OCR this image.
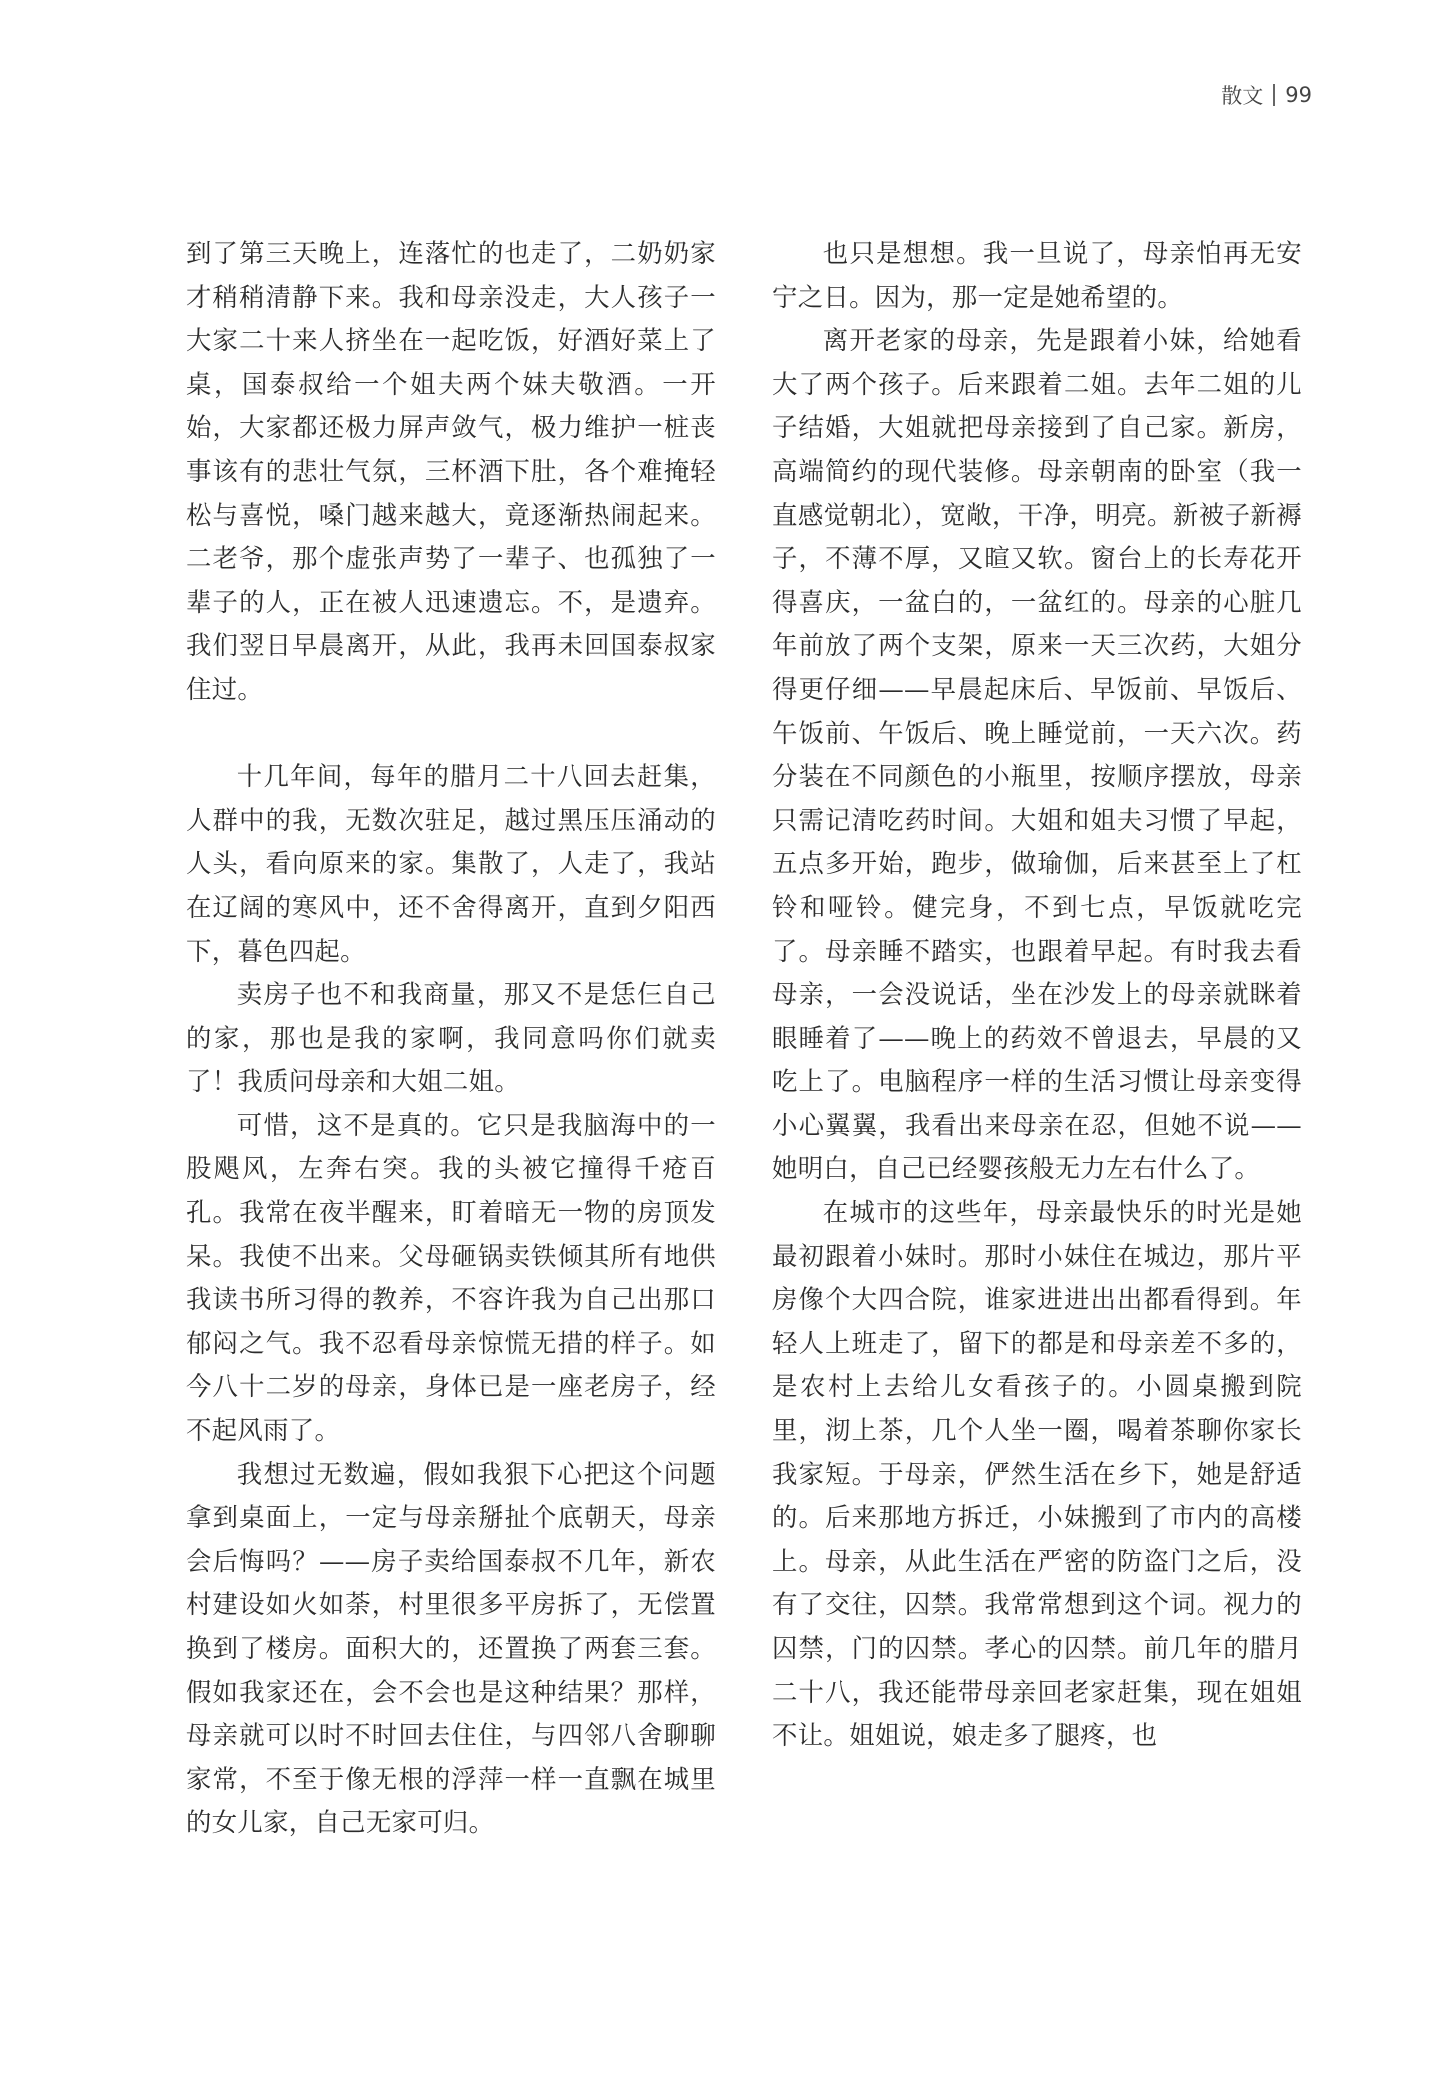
散文 99

到了第三天晚上，连落忙的也走了，二奶奶家才稍稍清静下来。我和母亲没走，大人孩子一大家二十来人挤坐在一起吃饭，好酒好菜上了桌，国泰叔给一个姐夫两个妹夫敬酒。一开始，大家都还极力屏声敛气，极力维护一桩丧事该有的悲壮气氛，三杯酒下肚，各个难掩轻松与喜悦，嗓门越来越大，竟逐渐热闹起来。二老爷，那个虚张声势了一辈子、也孤独了一辈子的人，正在被人迅速遗忘。不，是遗弃。我们翌日早晨离开，从此，我再未回国泰叔家住过。

十几年间，每年的腊月二十八回去赶集，人群中的我，无数次驻足，越过黑压压涌动的人头，看向原来的家。集散了，人走了，我站在辽阔的寒风中，还不舍得离开，直到夕阳西下，暮色四起。

卖房子也不和我商量，那又不是恁仨自己的家，那也是我的家啊，我同意吗你们就卖了！我质问母亲和大姐二姐。

可惜，这不是真的。它只是我脑海中的一股飓风，左奔右突。我的头被它撞得千疮百孔。我常在夜半醒来，盯着暗无一物的房顶发呆。我使不出来。父母砸锅卖铁倾其所有地供我读书所习得的教养，不容许我为自己出那口郁闷之气。我不忍看母亲惊慌无措的样子。如今八十二岁的母亲，身体已是一座老房子，经不起风雨了。

我想过无数遍，假如我狠下心把这个问题拿到桌面上，一定与母亲掰扯个底朝天，母亲会后悔吗？——房子卖给国泰叔不几年，新农村建设如火如荼，村里很多平房拆了，无偿置换到了楼房。面积大的，还置换了两套三套。假如我家还在，会不会也是这种结果？那样，母亲就可以时不时回去住住，与四邻八舍聊聊家常，不至于像无根的浮萍一样一直飘在城里的女儿家，自己无家可归。

也只是想想。我一旦说了，母亲怕再无安宁之日。因为，那一定是她希望的。

离开老家的母亲，先是跟着小妹，给她看大了两个孩子。后来跟着二姐。去年二姐的儿子结婚，大姐就把母亲接到了自己家。新房，高端简约的现代装修。母亲朝南的卧室（我一直感觉朝北），宽敞，干净，明亮。新被子新褥子，不薄不厚，又暄又软。窗台上的长寿花开得喜庆，一盆白的，一盆红的。母亲的心脏几年前放了两个支架，原来一天三次药，大姐分得更仔细——早晨起床后、早饭前、早饭后、午饭前、午饭后、晚上睡觉前，一天六次。药分装在不同颜色的小瓶里，按顺序摆放，母亲只需记清吃药时间。大姐和姐夫习惯了早起，五点多开始，跑步，做瑜伽，后来甚至上了杠铃和哑铃。健完身，不到七点，早饭就吃完了。母亲睡不踏实，也跟着早起。有时我去看母亲，一会没说话，坐在沙发上的母亲就眯着眼睡着了——晚上的药效不曾退去，早晨的又吃上了。电脑程序一样的生活习惯让母亲变得小心翼翼，我看出来母亲在忍，但她不说——她明白，自己已经婴孩般无力左右什么了。

在城市的这些年，母亲最快乐的时光是她最初跟着小妹时。那时小妹住在城边，那片平房像个大四合院，谁家进进出出都看得到。年轻人上班走了，留下的都是和母亲差不多的，是农村上去给儿女看孩子的。小圆桌搬到院里，沏上茶，几个人坐一圈，喝着茶聊你家长我家短。于母亲，俨然生活在乡下，她是舒适的。后来那地方拆迁，小妹搬到了市内的高楼上。母亲，从此生活在严密的防盗门之后，没有了交往，囚禁。我常常想到这个词。视力的囚禁，门的囚禁。孝心的囚禁。前几年的腊月二十八，我还能带母亲回老家赶集，现在姐姐不让。姐姐说，娘走多了腿疼，也
